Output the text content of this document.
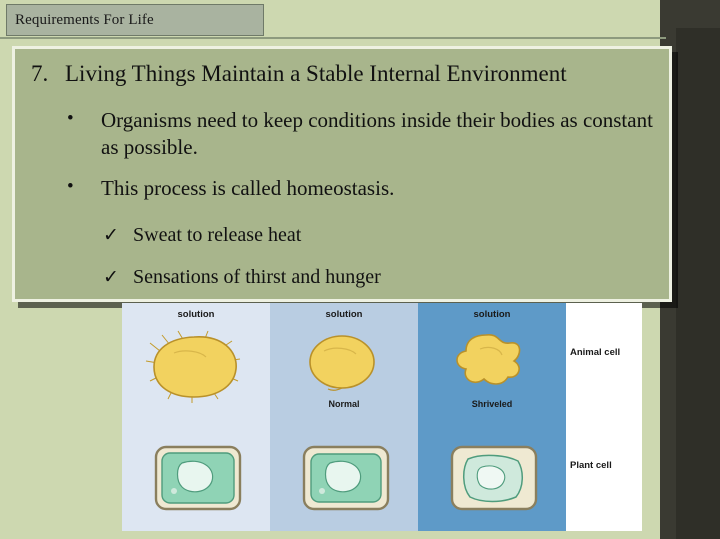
Requirements For Life
7. Living Things Maintain a Stable Internal Environment
•	Organisms need to keep conditions inside their bodies as constant as possible.
•	This process is called homeostasis.
✓ Sweat to release heat
✓ Sensations of thirst and hunger
solution	solution
Normal
solution
Shriveled
Animal cell
Plant cell
